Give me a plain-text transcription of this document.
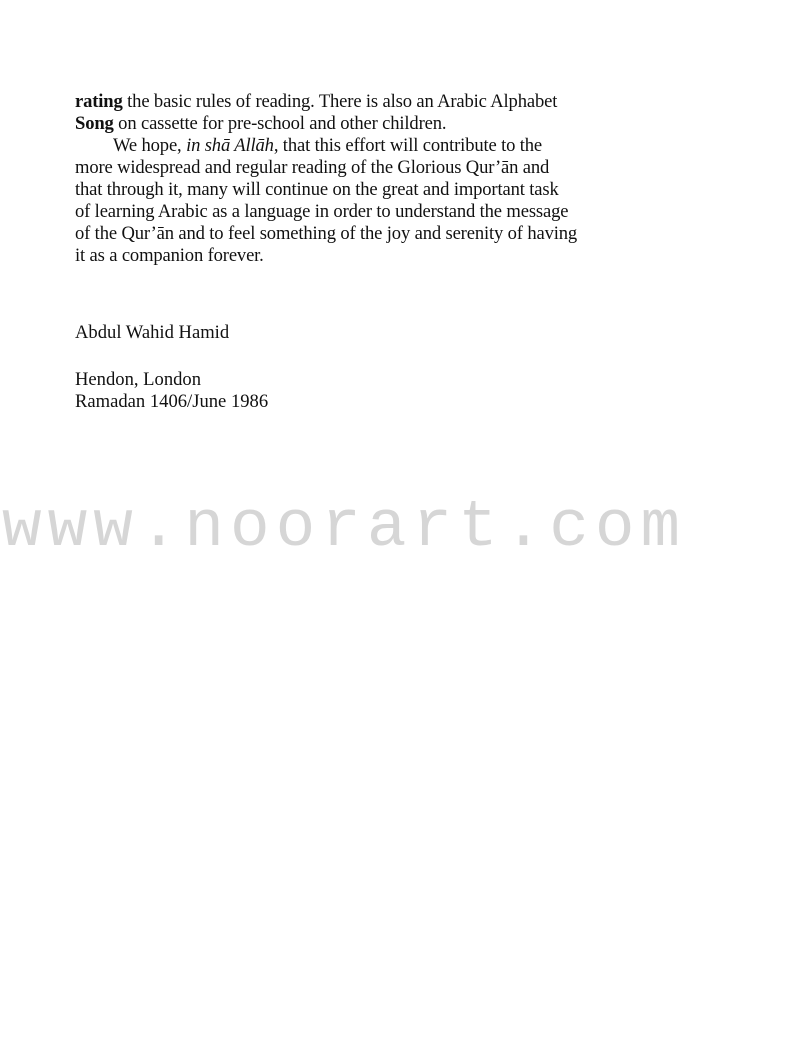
rating the basic rules of reading. There is also an Arabic Alphabet
Song on cassette for pre-school and other children.
We hope, in shā Allāh, that this effort will contribute to the
more widespread and regular reading of the Glorious Qur’ān and
that through it, many will continue on the great and important task
of learning Arabic as a language in order to understand the message
of the Qur’ān and to feel something of the joy and serenity of having
it as a companion forever.
Abdul Wahid Hamid
Hendon, London
Ramadan 1406/June 1986
www.noorart.com
